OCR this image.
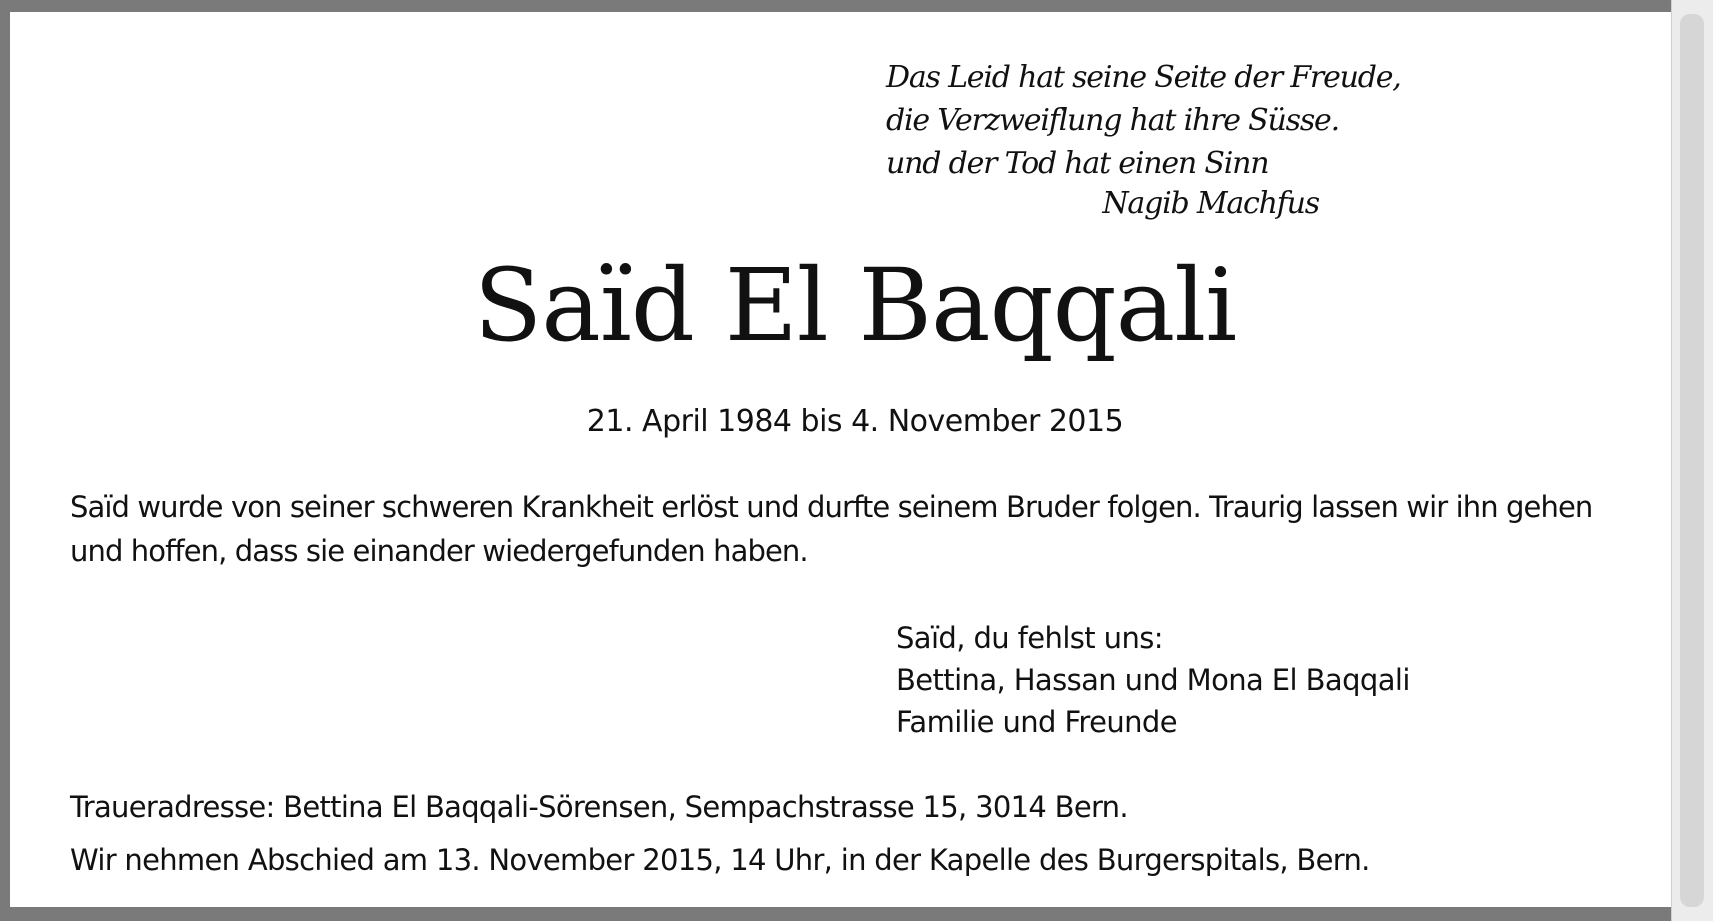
Das Leid hat seine Seite der Freude,
die Verzweiflung hat ihre Süsse.
und der Tod hat einen Sinn
Nagib Machfus
Saïd El Baqqali
21. April 1984 bis 4. November 2015
Saïd wurde von seiner schweren Krankheit erlöst und durfte seinem Bruder folgen. Traurig lassen wir ihn gehen
und hoffen, dass sie einander wiedergefunden haben.
Saïd, du fehlst uns:
Bettina, Hassan und Mona El Baqqali
Familie und Freunde
Traueradresse: Bettina El Baqqali-Sörensen, Sempachstrasse 15, 3014 Bern.
Wir nehmen Abschied am 13. November 2015, 14 Uhr, in der Kapelle des Burgerspitals, Bern.
